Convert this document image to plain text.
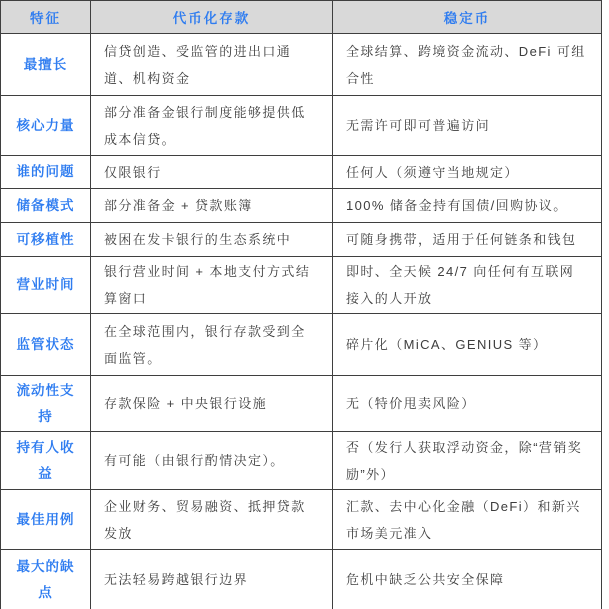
特征	代币化存款	稳定币
最擅长	信贷创造、受监管的进出口通道、机构资金	全球结算、跨境资金流动、DeFi 可组合性
核心力量	部分准备金银行制度能够提供低成本信贷。	无需许可即可普遍访问
谁的问题	仅限银行	任何人（须遵守当地规定）
储备模式	部分准备金 + 贷款账簿	100% 储备金持有国债/回购协议。
可移植性	被困在发卡银行的生态系统中	可随身携带，适用于任何链条和钱包
营业时间	银行营业时间 + 本地支付方式结算窗口	即时、全天候 24/7 向任何有互联网接入的人开放
监管状态	在全球范围内，银行存款受到全面监管。	碎片化（MiCA、GENIUS 等）
流动性支持	存款保险 + 中央银行设施	无（特价甩卖风险）
持有人收益	有可能（由银行酌情决定）。	否（发行人获取浮动资金，除“营销奖励”外）
最佳用例	企业财务、贸易融资、抵押贷款发放	汇款、去中心化金融（DeFi）和新兴市场美元准入
最大的缺点	无法轻易跨越银行边界	危机中缺乏公共安全保障
